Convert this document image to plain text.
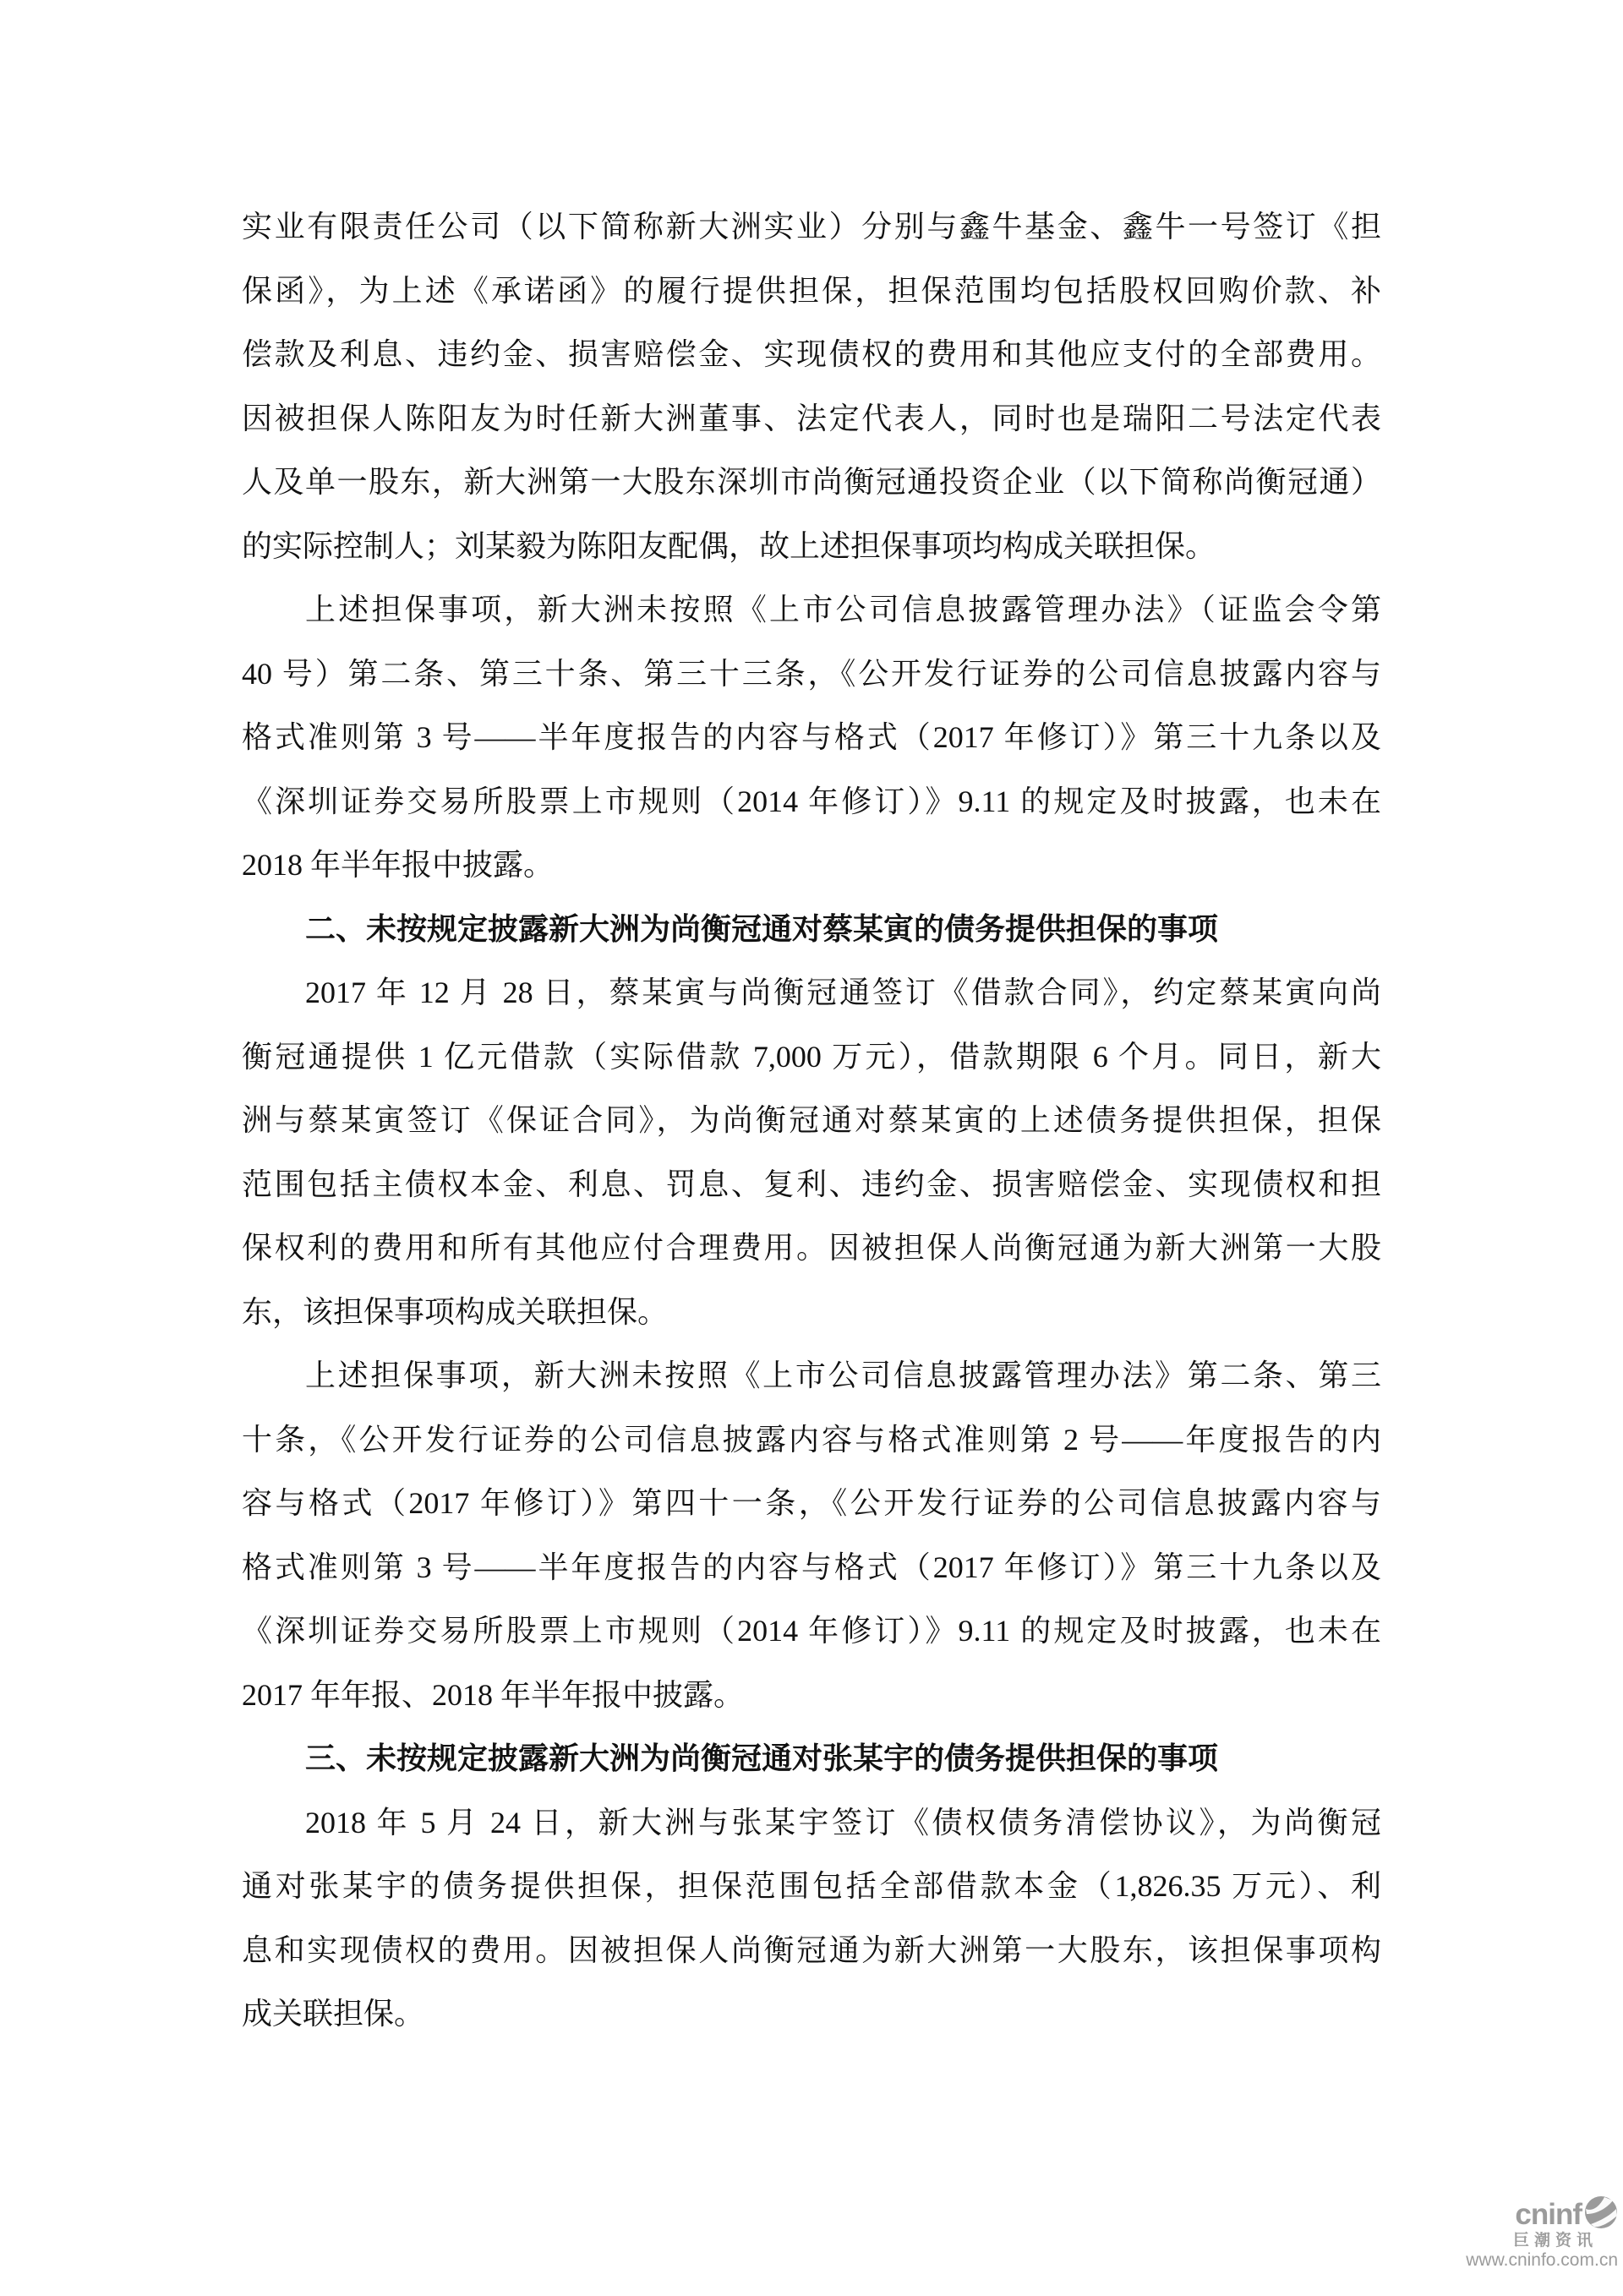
实业有限责任公司（以下简称新大洲实业）分别与鑫牛基金、鑫牛一号签订《担
保函》，为上述《承诺函》的履行提供担保，担保范围均包括股权回购价款、补
偿款及利息、违约金、损害赔偿金、实现债权的费用和其他应支付的全部费用。
因被担保人陈阳友为时任新大洲董事、法定代表人，同时也是瑞阳二号法定代表
人及单一股东，新大洲第一大股东深圳市尚衡冠通投资企业（以下简称尚衡冠通）
的实际控制人；刘某毅为陈阳友配偶，故上述担保事项均构成关联担保。
上述担保事项，新大洲未按照《上市公司信息披露管理办法》（证监会令第
40 号）第二条、第三十条、第三十三条，《公开发行证券的公司信息披露内容与
格式准则第 3 号——半年度报告的内容与格式（2017 年修订）》第三十九条以及
《深圳证券交易所股票上市规则（2014 年修订）》9.11 的规定及时披露，也未在
2018 年半年报中披露。
二、未按规定披露新大洲为尚衡冠通对蔡某寅的债务提供担保的事项
2017 年 12 月 28 日，蔡某寅与尚衡冠通签订《借款合同》，约定蔡某寅向尚
衡冠通提供 1 亿元借款（实际借款 7,000 万元），借款期限 6 个月。同日，新大
洲与蔡某寅签订《保证合同》，为尚衡冠通对蔡某寅的上述债务提供担保，担保
范围包括主债权本金、利息、罚息、复利、违约金、损害赔偿金、实现债权和担
保权利的费用和所有其他应付合理费用。因被担保人尚衡冠通为新大洲第一大股
东，该担保事项构成关联担保。
上述担保事项，新大洲未按照《上市公司信息披露管理办法》第二条、第三
十条，《公开发行证券的公司信息披露内容与格式准则第 2 号——年度报告的内
容与格式（2017 年修订）》第四十一条，《公开发行证券的公司信息披露内容与
格式准则第 3 号——半年度报告的内容与格式（2017 年修订）》第三十九条以及
《深圳证券交易所股票上市规则（2014 年修订）》9.11 的规定及时披露，也未在
2017 年年报、2018 年半年报中披露。
三、未按规定披露新大洲为尚衡冠通对张某宇的债务提供担保的事项
2018 年 5 月 24 日，新大洲与张某宇签订《债权债务清偿协议》，为尚衡冠
通对张某宇的债务提供担保，担保范围包括全部借款本金（1,826.35 万元）、利
息和实现债权的费用。因被担保人尚衡冠通为新大洲第一大股东，该担保事项构
成关联担保。
cninf
巨潮资讯
www.cninfo.com.cn
